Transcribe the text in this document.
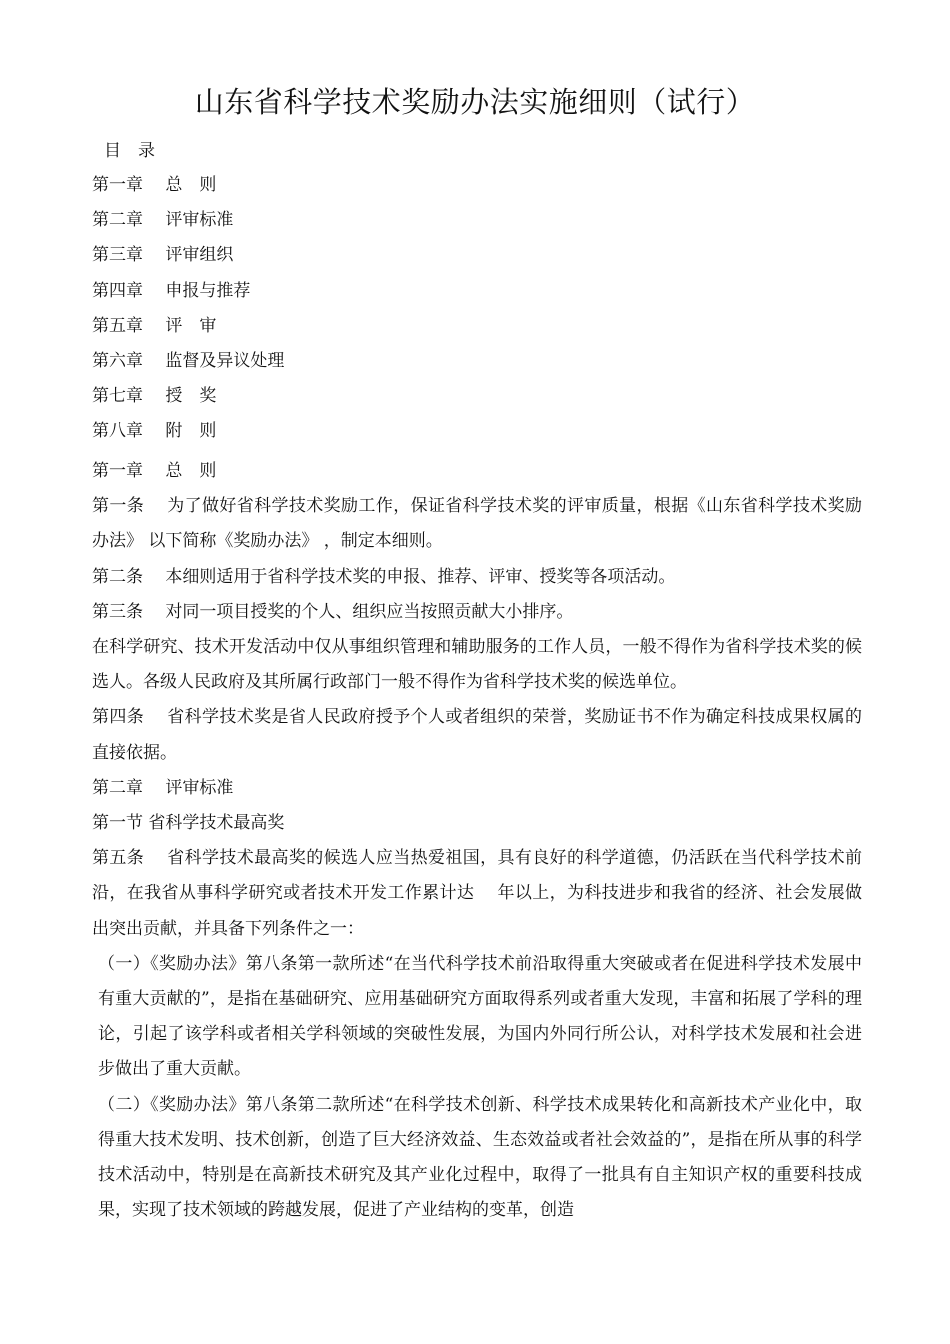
山东省科学技术奖励办法实施细则（试行）
目　录
第一章　 总　则
第二章　 评审标准
第三章　 评审组织
第四章　 申报与推荐
第五章　 评　审
第六章　 监督及异议处理
第七章　 授　奖
第八章　 附　则

第一章　 总　则

第一条　 为了做好省科学技术奖励工作，保证省科学技术奖的评审质量，根据《山东省科学技术奖励办法》 以下简称《奖励办法》 ，制定本细则。

第二条　 本细则适用于省科学技术奖的申报、推荐、评审、授奖等各项活动。

第三条　 对同一项目授奖的个人、组织应当按照贡献大小排序。

在科学研究、技术开发活动中仅从事组织管理和辅助服务的工作人员，一般不得作为省科学技术奖的候选人。各级人民政府及其所属行政部门一般不得作为省科学技术奖的候选单位。

第四条　 省科学技术奖是省人民政府授予个人或者组织的荣誉，奖励证书不作为确定科技成果权属的直接依据。

第二章　 评审标准

第一节 省科学技术最高奖

第五条　 省科学技术最高奖的候选人应当热爱祖国，具有良好的科学道德，仍活跃在当代科学技术前沿，在我省从事科学研究或者技术开发工作累计达　 年以上，为科技进步和我省的经济、社会发展做出突出贡献，并具备下列条件之一：

（一）《奖励办法》第八条第一款所述“在当代科学技术前沿取得重大突破或者在促进科学技术发展中有重大贡献的”，是指在基础研究、应用基础研究方面取得系列或者重大发现，丰富和拓展了学科的理论，引起了该学科或者相关学科领域的突破性发展，为国内外同行所公认，对科学技术发展和社会进步做出了重大贡献。

（二）《奖励办法》第八条第二款所述“在科学技术创新、科学技术成果转化和高新技术产业化中，取得重大技术发明、技术创新，创造了巨大经济效益、生态效益或者社会效益的”，是指在所从事的科学技术活动中，特别是在高新技术研究及其产业化过程中，取得了一批具有自主知识产权的重要科技成果，实现了技术领域的跨越发展，促进了产业结构的变革，创造
